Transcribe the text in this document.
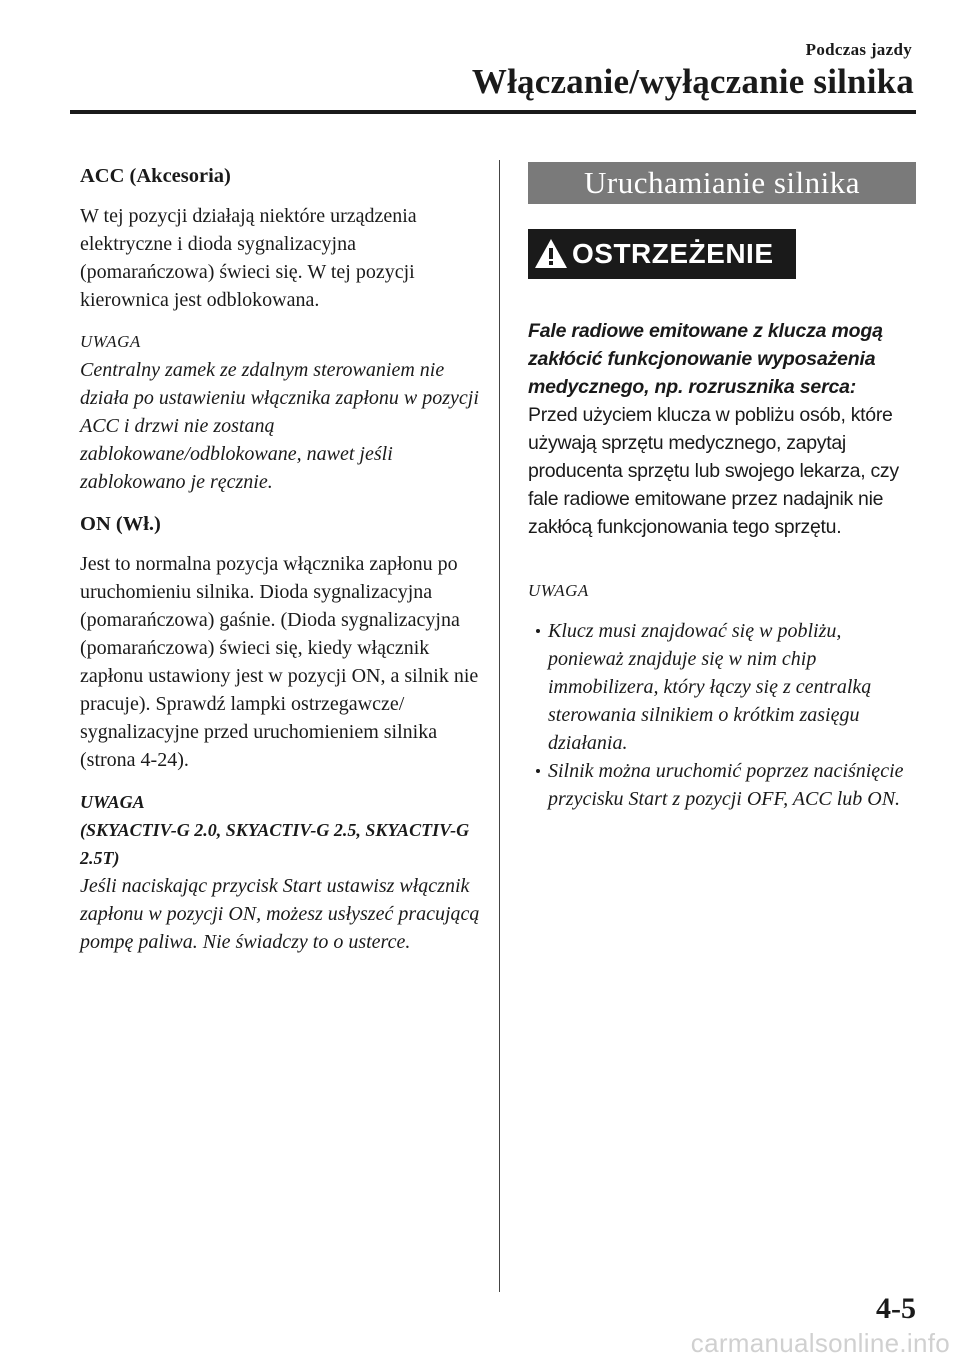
Podczas jazdy
Włączanie/wyłączanie silnika
ACC (Akcesoria)
W tej pozycji działają niektóre urządzenia elektryczne i dioda sygnalizacyjna (pomarańczowa) świeci się. W tej pozycji kierownica jest odblokowana.
UWAGA
Centralny zamek ze zdalnym sterowaniem nie działa po ustawieniu włącznika zapłonu w pozycji ACC i drzwi nie zostaną zablokowane/odblokowane, nawet jeśli zablokowano je ręcznie.
ON (Wł.)
Jest to normalna pozycja włącznika zapłonu po uruchomieniu silnika. Dioda sygnalizacyjna (pomarańczowa) gaśnie. (Dioda sygnalizacyjna (pomarańczowa) świeci się, kiedy włącznik zapłonu ustawiony jest w pozycji ON, a silnik nie pracuje). Sprawdź lampki ostrzegawcze/ sygnalizacyjne przed uruchomieniem silnika (strona 4-24).
UWAGA
(SKYACTIV-G 2.0, SKYACTIV-G 2.5, SKYACTIV-G 2.5T)
Jeśli naciskając przycisk Start ustawisz włącznik zapłonu w pozycji ON, możesz usłyszeć pracującą pompę paliwa. Nie świadczy to o usterce.
Uruchamianie silnika
OSTRZEŻENIE
Fale radiowe emitowane z klucza mogą zakłócić funkcjonowanie wyposażenia medycznego, np. rozrusznika serca:
Przed użyciem klucza w pobliżu osób, które używają sprzętu medycznego, zapytaj producenta sprzętu lub swojego lekarza, czy fale radiowe emitowane przez nadajnik nie zakłócą funkcjonowania tego sprzętu.
UWAGA
Klucz musi znajdować się w pobliżu, ponieważ znajduje się w nim chip immobilizera, który łączy się z centralką sterowania silnikiem o krótkim zasięgu działania.
Silnik można uruchomić poprzez naciśnięcie przycisku Start z pozycji OFF, ACC lub ON.
4-5
carmanualsonline.info
